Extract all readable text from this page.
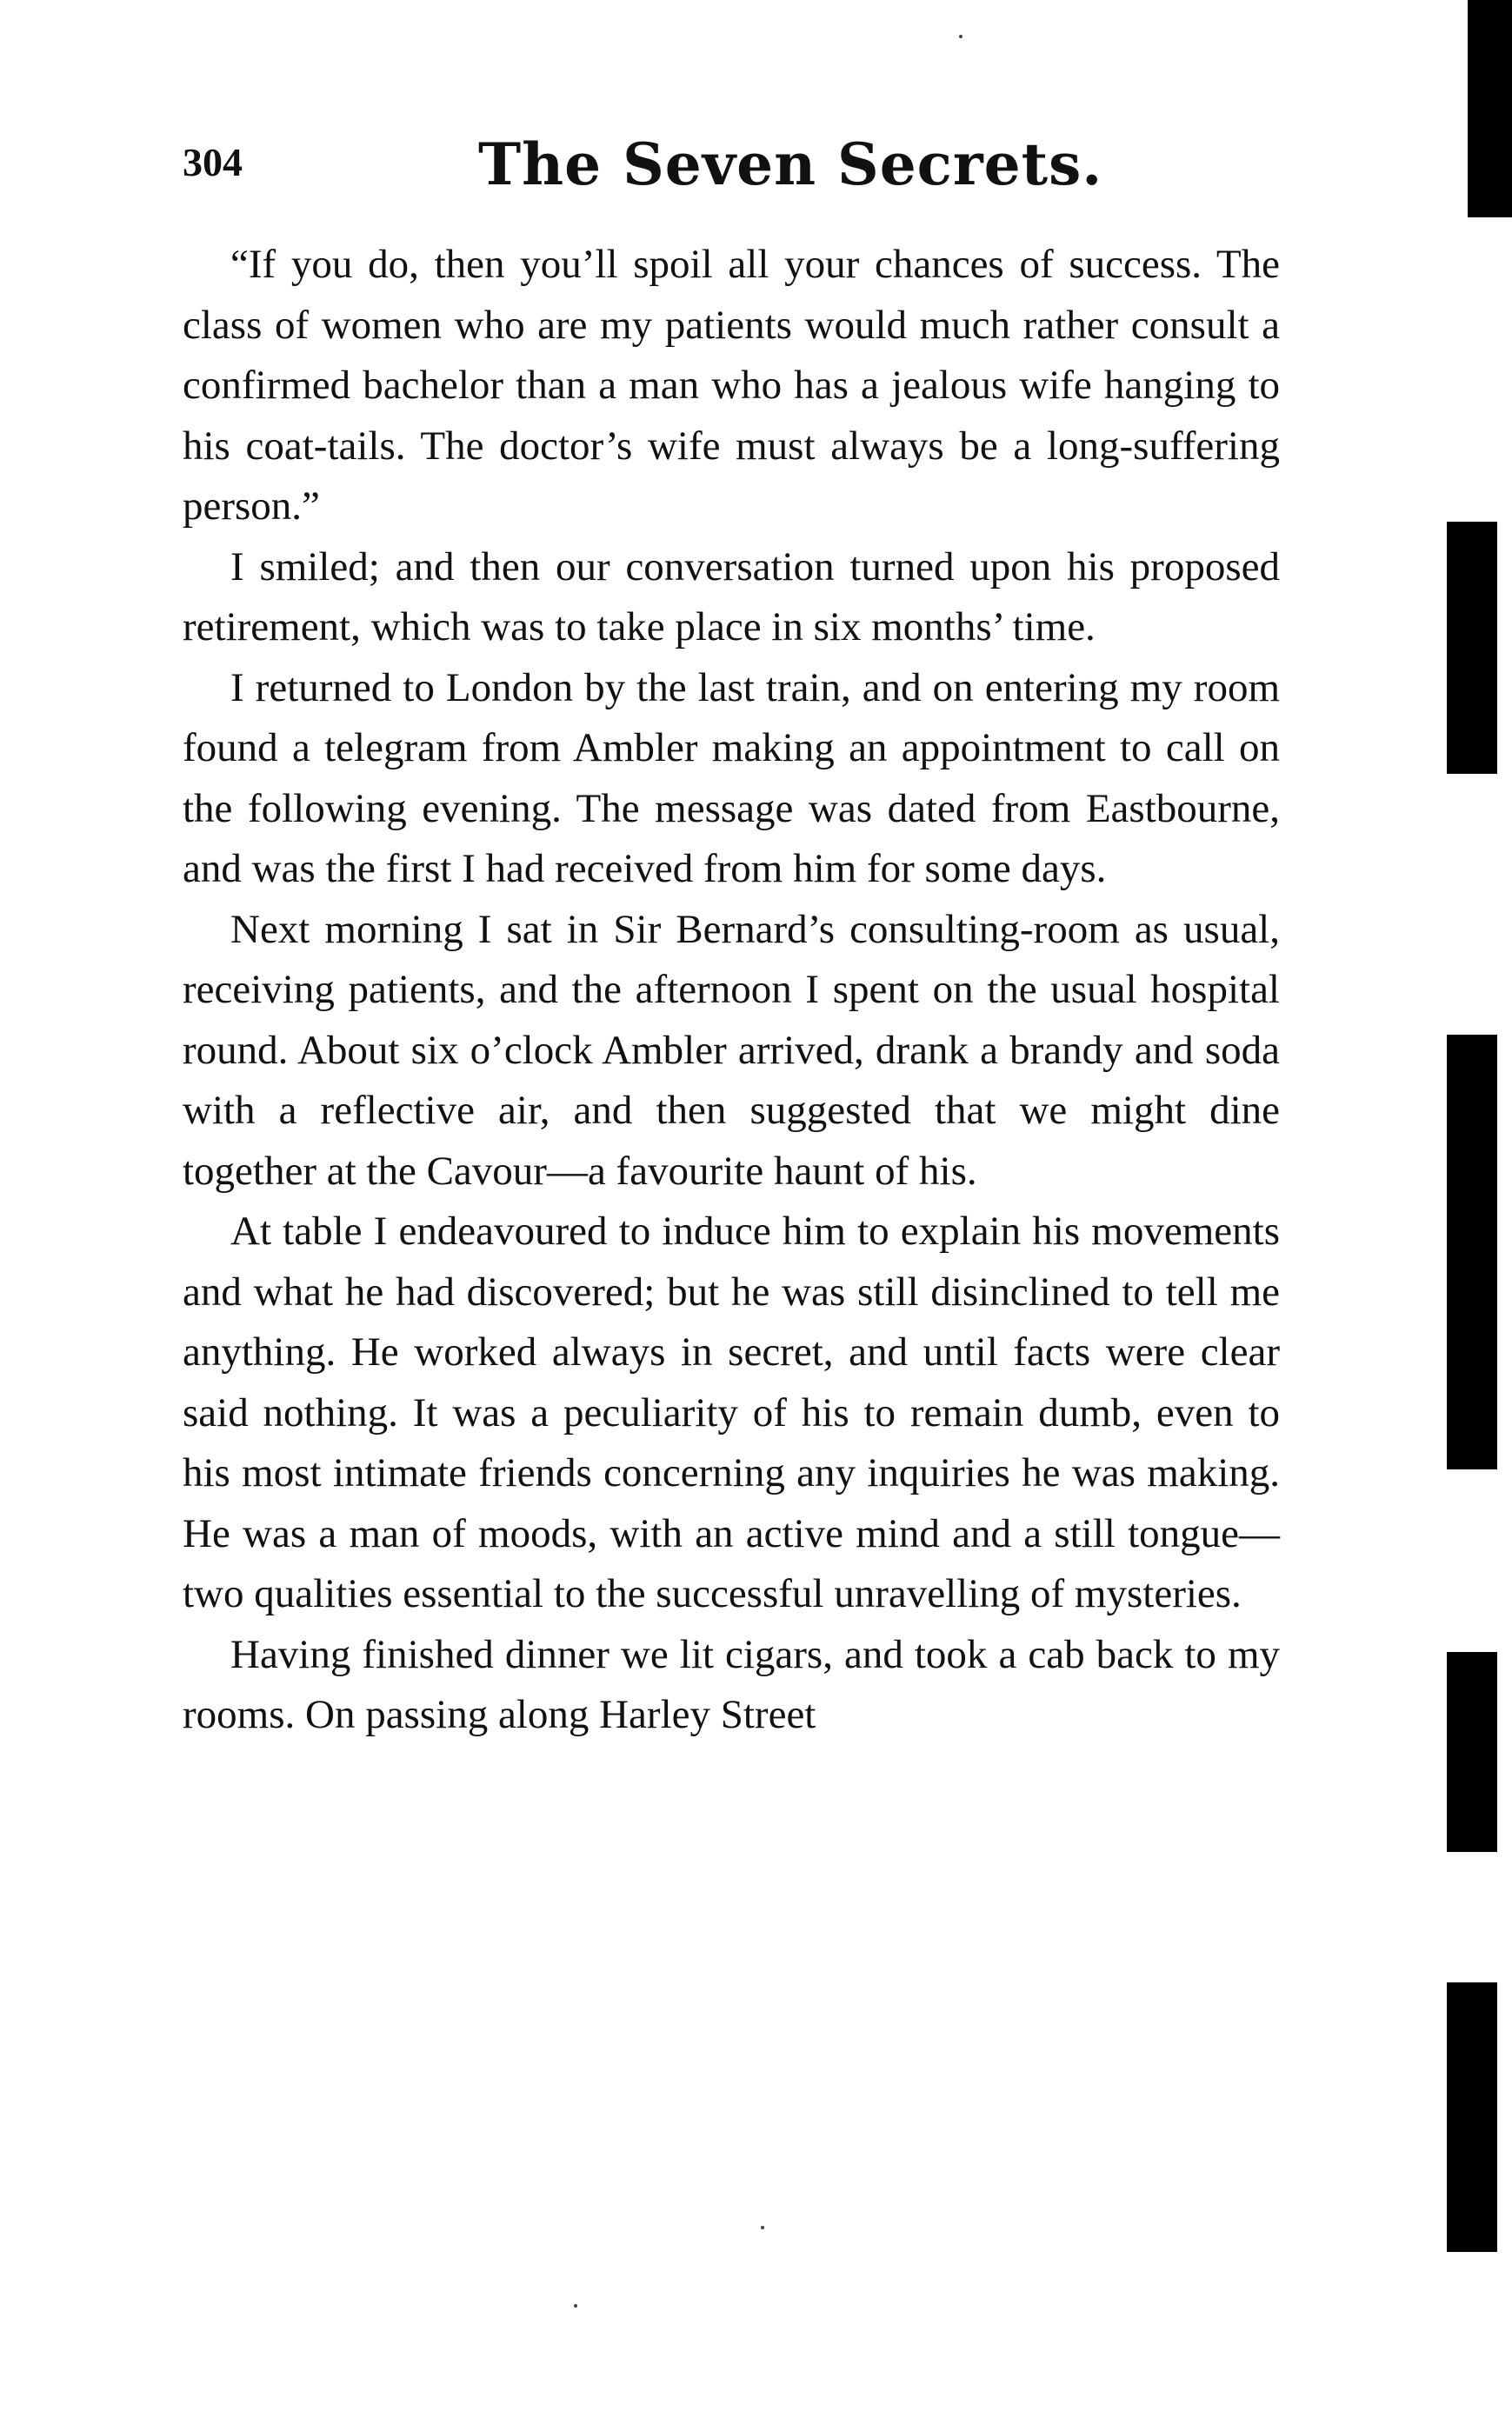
304	The Seven Secrets.

“If you do, then you’ll spoil all your chances of success. The class of women who are my patients would much rather consult a confirmed bachelor than a man who has a jealous wife hanging to his coat-tails. The doctor’s wife must always be a long-suffering person.”

I smiled; and then our conversation turned upon his proposed retirement, which was to take place in six months’ time.

I returned to London by the last train, and on entering my room found a telegram from Ambler making an appointment to call on the following evening. The message was dated from Eastbourne, and was the first I had received from him for some days.

Next morning I sat in Sir Bernard’s consulting-room as usual, receiving patients, and the afternoon I spent on the usual hospital round. About six o’clock Ambler arrived, drank a brandy and soda with a reflective air, and then suggested that we might dine together at the Cavour—a favourite haunt of his.

At table I endeavoured to induce him to explain his movements and what he had discovered; but he was still disinclined to tell me anything. He worked always in secret, and until facts were clear said nothing. It was a peculiarity of his to remain dumb, even to his most intimate friends concerning any inquiries he was making. He was a man of moods, with an active mind and a still tongue—two qualities essential to the successful unravelling of mysteries.

Having finished dinner we lit cigars, and took a cab back to my rooms. On passing along Harley Street
